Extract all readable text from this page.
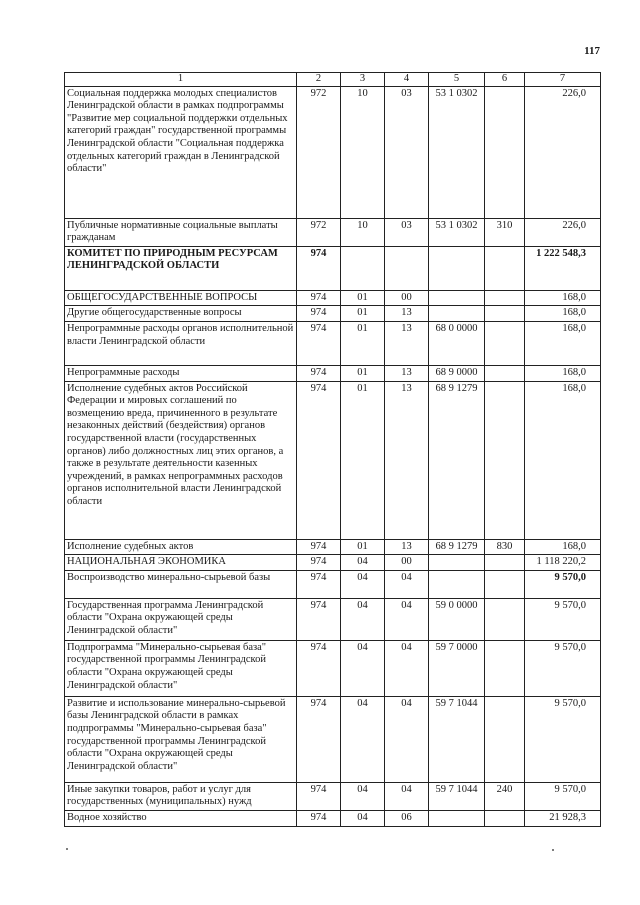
117
1	2	3	4	5	6	7
Социальная поддержка молодых специалистов Ленинградской области в рамках подпрограммы "Развитие мер социальной поддержки отдельных категорий граждан" государственной программы Ленинградской области "Социальная поддержка отдельных категорий граждан в Ленинградской области"	972	10	03	53 1 0302		226,0
Публичные нормативные социальные выплаты гражданам	972	10	03	53 1 0302	310	226,0
КОМИТЕТ ПО ПРИРОДНЫМ РЕСУРСАМ ЛЕНИНГРАДСКОЙ ОБЛАСТИ	974					1 222 548,3
ОБЩЕГОСУДАРСТВЕННЫЕ ВОПРОСЫ	974	01	00			168,0
Другие общегосударственные вопросы	974	01	13			168,0
Непрограммные расходы органов исполнительной власти Ленинградской области	974	01	13	68 0 0000		168,0
Непрограммные расходы	974	01	13	68 9 0000		168,0
Исполнение судебных актов Российской Федерации и мировых соглашений по возмещению вреда, причиненного в результате незаконных действий (бездействия) органов государственной власти (государственных органов) либо должностных лиц этих органов, а также в результате деятельности казенных учреждений, в рамках непрограммных расходов органов исполнительной власти Ленинградской области	974	01	13	68 9 1279		168,0
Исполнение судебных актов	974	01	13	68 9 1279	830	168,0
НАЦИОНАЛЬНАЯ ЭКОНОМИКА	974	04	00			1 118 220,2
Воспроизводство минерально-сырьевой базы	974	04	04			9 570,0
Государственная программа Ленинградской области "Охрана окружающей среды Ленинградской области"	974	04	04	59 0 0000		9 570,0
Подпрограмма "Минерально-сырьевая база" государственной программы Ленинградской области "Охрана окружающей среды Ленинградской области"	974	04	04	59 7 0000		9 570,0
Развитие и использование минерально-сырьевой базы Ленинградской области в рамках подпрограммы "Минерально-сырьевая база" государственной программы Ленинградской области "Охрана окружающей среды Ленинградской области"	974	04	04	59 7 1044		9 570,0
Иные закупки товаров, работ и услуг для государственных (муниципальных) нужд	974	04	04	59 7 1044	240	9 570,0
Водное хозяйство	974	04	06			21 928,3
